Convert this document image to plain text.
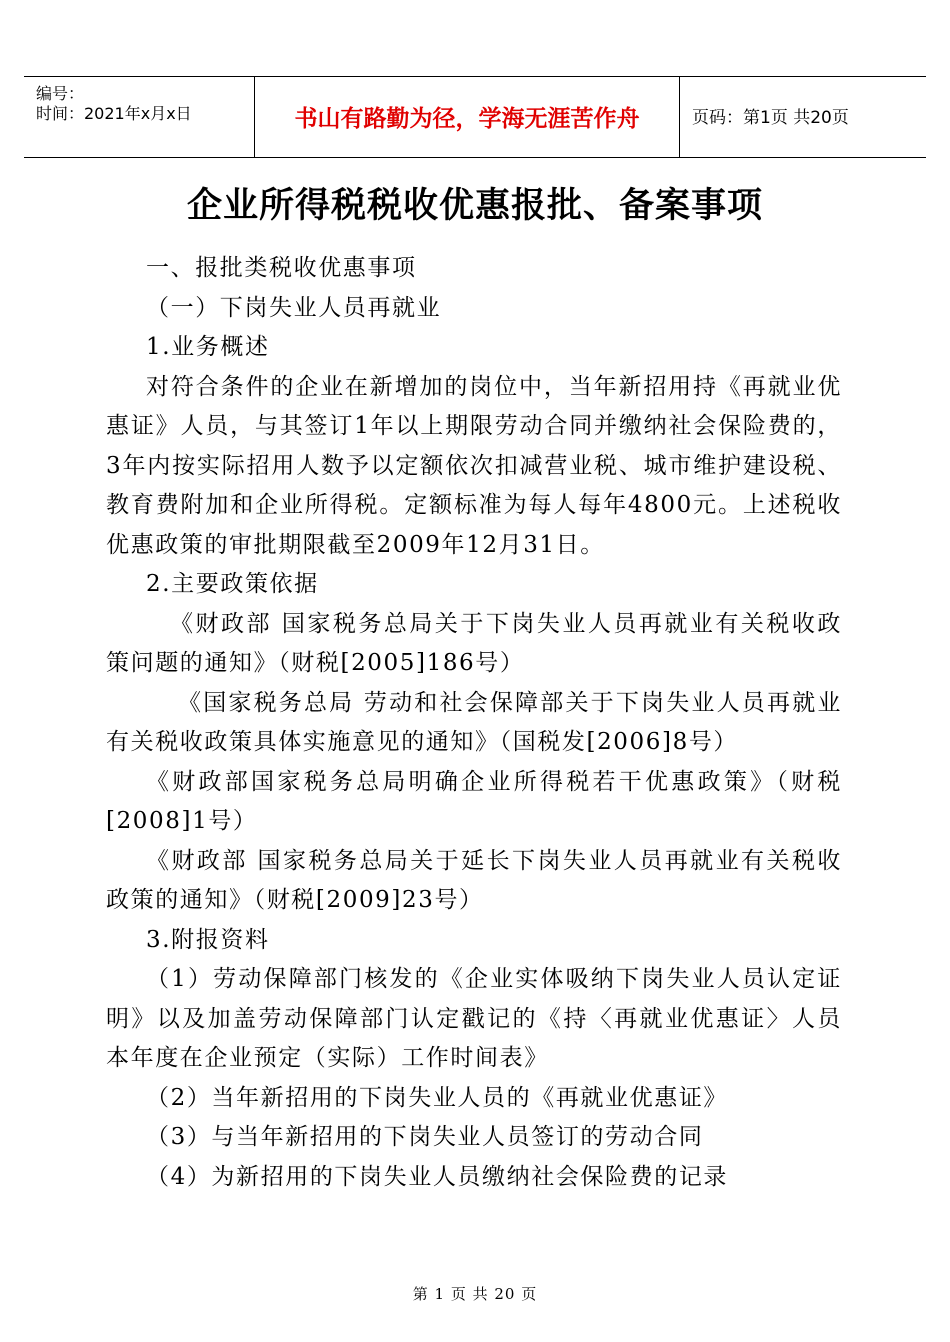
编号：
时间：2021年x月x日	书山有路勤为径，学海无涯苦作舟	页码：第1页 共20页
企业所得税税收优惠报批、备案事项

一、报批类税收优惠事项

（一）下岗失业人员再就业

1.业务概述

对符合条件的企业在新增加的岗位中，当年新招用持《再就业优惠证》人员，与其签订1年以上期限劳动合同并缴纳社会保险费的，3年内按实际招用人数予以定额依次扣减营业税、城市维护建设税、教育费附加和企业所得税。定额标准为每人每年4800元。上述税收优惠政策的审批期限截至2009年12月31日。

2.主要政策依据

《财政部 国家税务总局关于下岗失业人员再就业有关税收政策问题的通知》（财税[2005]186号）

《国家税务总局 劳动和社会保障部关于下岗失业人员再就业有关税收政策具体实施意见的通知》（国税发[2006]8号）

《财政部国家税务总局明确企业所得税若干优惠政策》（财税[2008]1号）

《财政部 国家税务总局关于延长下岗失业人员再就业有关税收政策的通知》（财税[2009]23号）

3.附报资料

（1）劳动保障部门核发的《企业实体吸纳下岗失业人员认定证明》以及加盖劳动保障部门认定戳记的《持〈再就业优惠证〉人员本年度在企业预定（实际）工作时间表》

（2）当年新招用的下岗失业人员的《再就业优惠证》

（3）与当年新招用的下岗失业人员签订的劳动合同

（4）为新招用的下岗失业人员缴纳社会保险费的记录

第 1 页 共 20 页
